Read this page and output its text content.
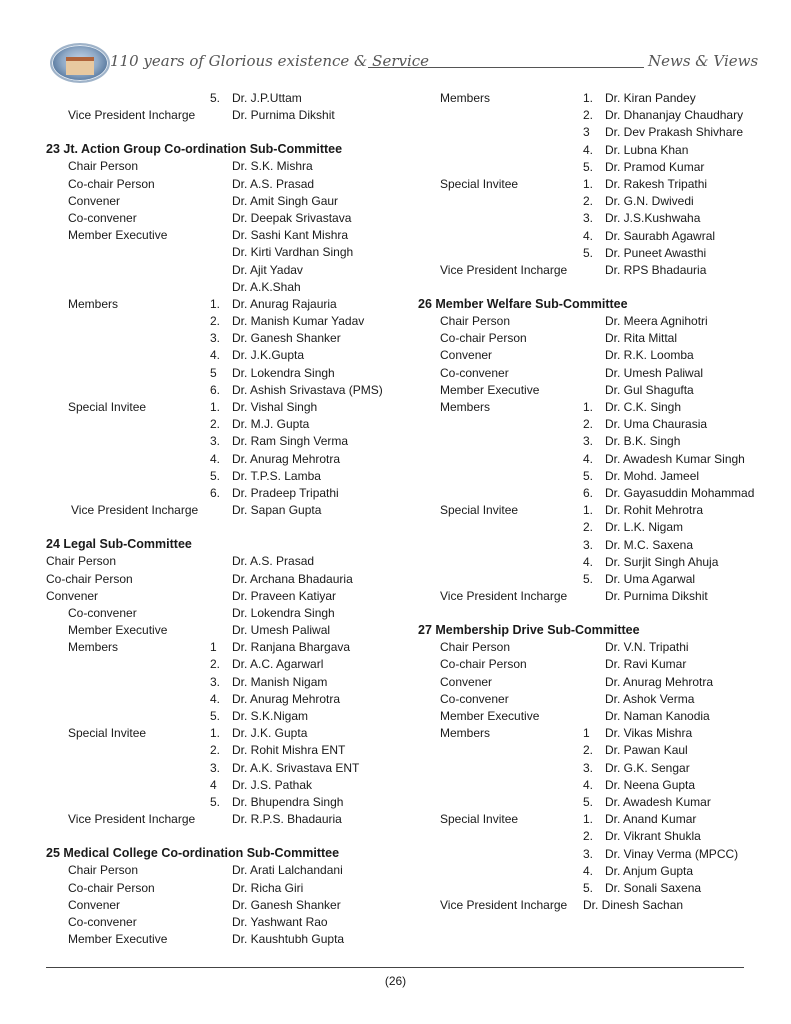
110 years of Glorious existence & Service	News & Views
5. Dr. J.P.Uttam
Vice President Incharge	Dr. Purnima Dikshit
23 Jt. Action Group Co-ordination Sub-Committee
Chair Person	Dr. S.K. Mishra
Co-chair Person	Dr. A.S. Prasad
Convener	Dr. Amit Singh Gaur
Co-convener	Dr. Deepak Srivastava
Member Executive	Dr. Sashi Kant Mishra
Dr. Kirti Vardhan Singh
Dr. Ajit Yadav
Dr. A.K.Shah
Members	1. Dr. Anurag Rajauria
2. Dr. Manish Kumar Yadav
3. Dr. Ganesh Shanker
4. Dr. J.K.Gupta
5 Dr. Lokendra Singh
6. Dr. Ashish Srivastava (PMS)
Special Invitee	1. Dr. Vishal Singh
2. Dr. M.J. Gupta
3. Dr. Ram Singh Verma
4. Dr. Anurag Mehrotra
5. Dr. T.P.S. Lamba
6. Dr. Pradeep Tripathi
Vice President Incharge	Dr. Sapan Gupta
24 Legal Sub-Committee
Chair Person	Dr. A.S. Prasad
Co-chair Person	Dr. Archana Bhadauria
Convener	Dr. Praveen Katiyar
Co-convener	Dr. Lokendra Singh
Member Executive	Dr. Umesh Paliwal
Members	1 Dr. Ranjana Bhargava
2. Dr. A.C. Agarwarl
3. Dr. Manish Nigam
4. Dr. Anurag Mehrotra
5. Dr. S.K.Nigam
Special Invitee	1. Dr. J.K. Gupta
2. Dr. Rohit Mishra ENT
3. Dr. A.K. Srivastava ENT
4 Dr. J.S. Pathak
5. Dr. Bhupendra Singh
Vice President Incharge	Dr. R.P.S. Bhadauria
25 Medical College Co-ordination Sub-Committee
Chair Person	Dr. Arati Lalchandani
Co-chair Person	Dr. Richa Giri
Convener	Dr. Ganesh Shanker
Co-convener	Dr. Yashwant Rao
Member Executive	Dr. Kaushtubh Gupta
Members	1. Dr. Kiran Pandey
2. Dr. Dhananjay Chaudhary
3 Dr. Dev Prakash Shivhare
4. Dr. Lubna Khan
5. Dr. Pramod Kumar
Special Invitee	1. Dr. Rakesh Tripathi
2. Dr. G.N. Dwivedi
3. Dr. J.S.Kushwaha
4. Dr. Saurabh Agawral
5. Dr. Puneet Awasthi
Vice President Incharge	Dr. RPS Bhadauria
26 Member Welfare Sub-Committee
Chair Person	Dr. Meera Agnihotri
Co-chair Person	Dr. Rita Mittal
Convener	Dr. R.K. Loomba
Co-convener	Dr. Umesh Paliwal
Member Executive	Dr. Gul Shagufta
Members	1. Dr. C.K. Singh
2. Dr. Uma Chaurasia
3. Dr. B.K. Singh
4. Dr. Awadesh Kumar Singh
5. Dr. Mohd. Jameel
6. Dr. Gayasuddin Mohammad
Special Invitee	1. Dr. Rohit Mehrotra
2. Dr. L.K. Nigam
3. Dr. M.C. Saxena
4. Dr. Surjit Singh Ahuja
5. Dr. Uma Agarwal
Vice President Incharge	Dr. Purnima Dikshit
27 Membership Drive Sub-Committee
Chair Person	Dr. V.N. Tripathi
Co-chair Person	Dr. Ravi Kumar
Convener	Dr. Anurag Mehrotra
Co-convener	Dr. Ashok Verma
Member Executive	Dr. Naman Kanodia
Members	1 Dr. Vikas Mishra
2. Dr. Pawan Kaul
3. Dr. G.K. Sengar
4. Dr. Neena Gupta
5. Dr. Awadesh Kumar
Special Invitee	1. Dr. Anand Kumar
2. Dr. Vikrant Shukla
3. Dr. Vinay Verma (MPCC)
4. Dr. Anjum Gupta
5. Dr. Sonali Saxena
Vice President Incharge Dr. Dinesh Sachan
(26)
